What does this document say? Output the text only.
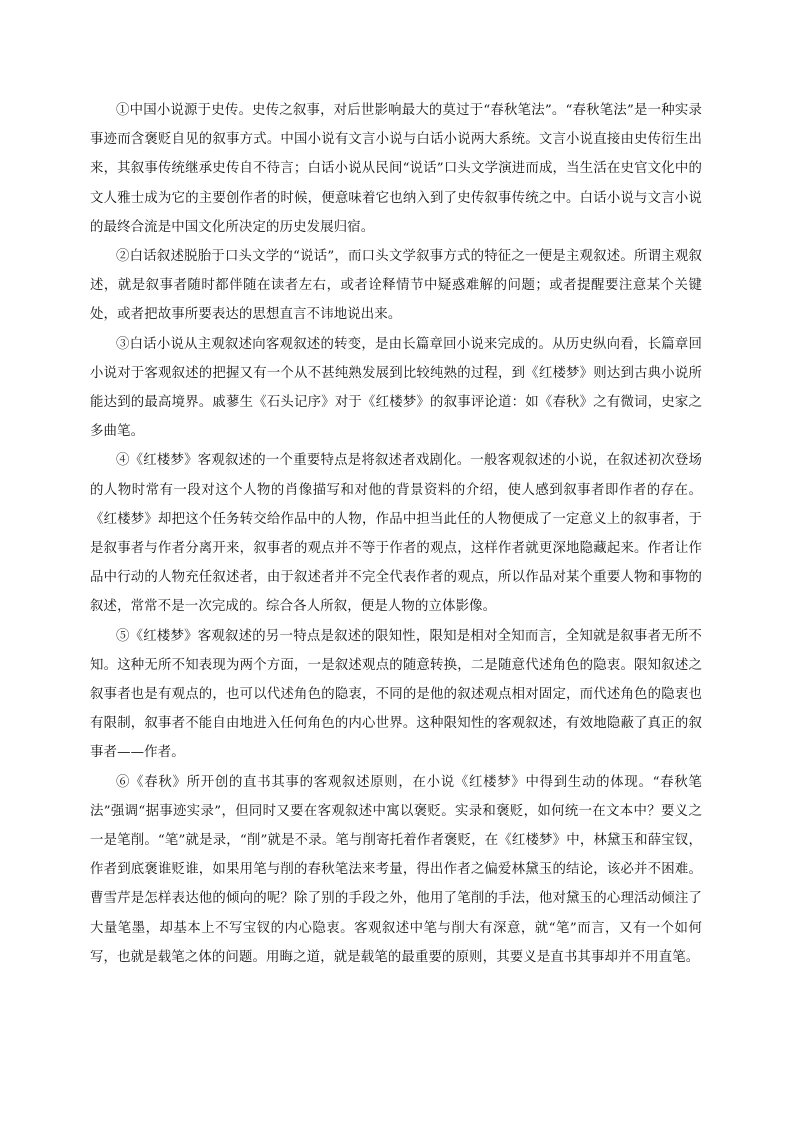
①中国小说源于史传。史传之叙事，对后世影响最大的莫过于“春秋笔法”。“春秋笔法”是一种实录事迹而含褒贬自见的叙事方式。中国小说有文言小说与白话小说两大系统。文言小说直接由史传衍生出来，其叙事传统继承史传自不待言；白话小说从民间“说话”口头文学演进而成，当生活在史官文化中的文人雅士成为它的主要创作者的时候，便意味着它也纳入到了史传叙事传统之中。白话小说与文言小说的最终合流是中国文化所决定的历史发展归宿。

②白话叙述脱胎于口头文学的“说话”，而口头文学叙事方式的特征之一便是主观叙述。所谓主观叙述，就是叙事者随时都伴随在读者左右，或者诠释情节中疑惑难解的问题；或者提醒要注意某个关键处，或者把故事所要表达的思想直言不讳地说出来。

③白话小说从主观叙述向客观叙述的转变，是由长篇章回小说来完成的。从历史纵向看，长篇章回小说对于客观叙述的把握又有一个从不甚纯熟发展到比较纯熟的过程，到《红楼梦》则达到古典小说所能达到的最高境界。戚蓼生《石头记序》对于《红楼梦》的叙事评论道：如《春秋》之有微词，史家之多曲笔。

④《红楼梦》客观叙述的一个重要特点是将叙述者戏剧化。一般客观叙述的小说，在叙述初次登场的人物时常有一段对这个人物的肖像描写和对他的背景资料的介绍，使人感到叙事者即作者的存在。《红楼梦》却把这个任务转交给作品中的人物，作品中担当此任的人物便成了一定意义上的叙事者，于是叙事者与作者分离开来，叙事者的观点并不等于作者的观点，这样作者就更深地隐藏起来。作者让作品中行动的人物充任叙述者，由于叙述者并不完全代表作者的观点，所以作品对某个重要人物和事物的叙述，常常不是一次完成的。综合各人所叙，便是人物的立体影像。

⑤《红楼梦》客观叙述的另一特点是叙述的限知性，限知是相对全知而言，全知就是叙事者无所不知。这种无所不知表现为两个方面，一是叙述观点的随意转换，二是随意代述角色的隐衷。限知叙述之叙事者也是有观点的，也可以代述角色的隐衷，不同的是他的叙述观点相对固定，而代述角色的隐衷也有限制，叙事者不能自由地进入任何角色的内心世界。这种限知性的客观叙述，有效地隐蔽了真正的叙事者——作者。

⑥《春秋》所开创的直书其事的客观叙述原则，在小说《红楼梦》中得到生动的体现。“春秋笔法”强调“据事迹实录”，但同时又要在客观叙述中寓以褒贬。实录和褒贬，如何统一在文本中？要义之一是笔削。“笔”就是录，“削”就是不录。笔与削寄托着作者褒贬，在《红楼梦》中，林黛玉和薛宝钗，作者到底褒谁贬谁，如果用笔与削的春秋笔法来考量，得出作者之偏爱林黛玉的结论，该必并不困难。曹雪芹是怎样表达他的倾向的呢？除了别的手段之外，他用了笔削的手法，他对黛玉的心理活动倾注了大量笔墨，却基本上不写宝钗的内心隐衷。客观叙述中笔与削大有深意，就“笔”而言，又有一个如何写，也就是载笔之体的问题。用晦之道，就是载笔的最重要的原则，其要义是直书其事却并不用直笔。
